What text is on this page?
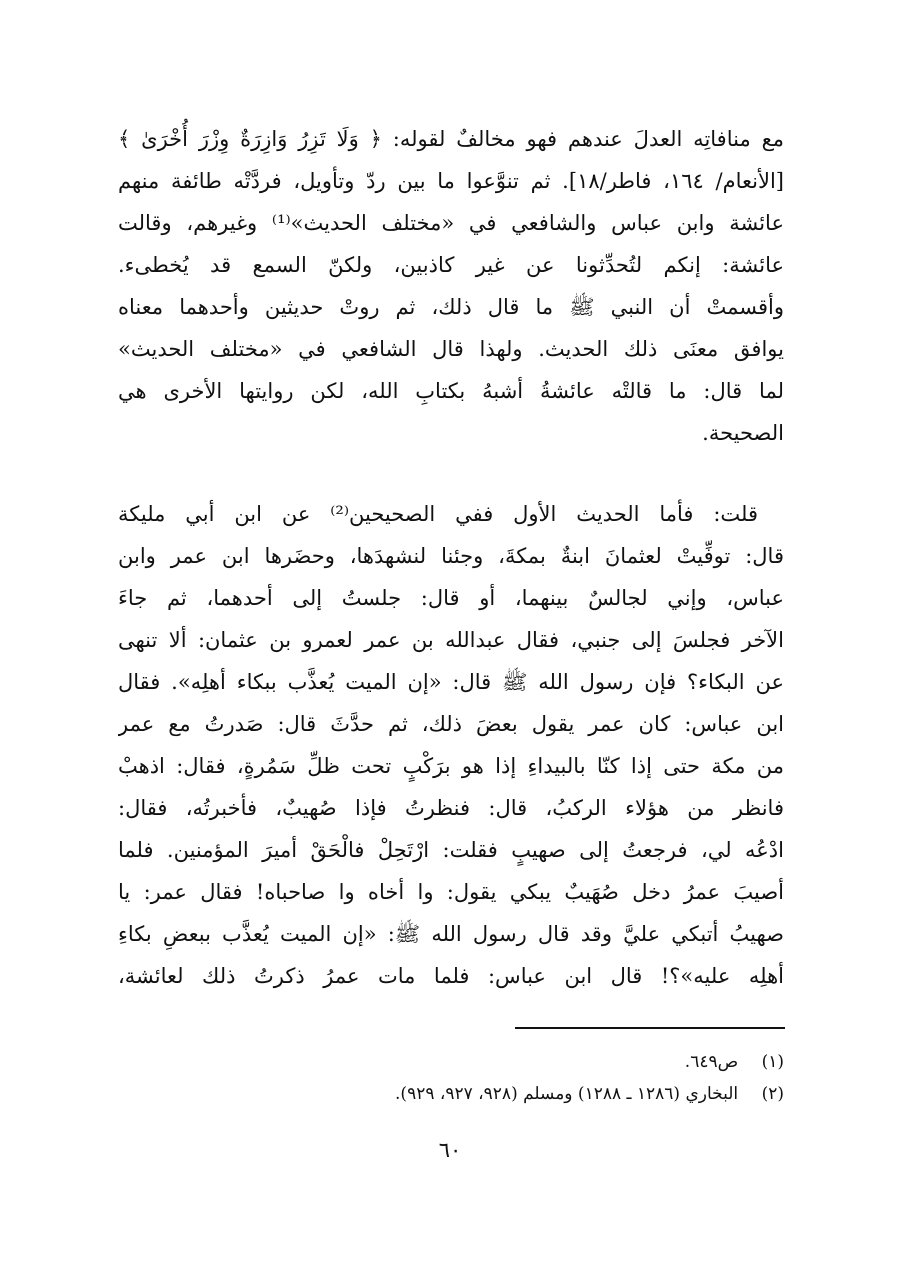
مع منافاتِه العدلَ عندهم فهو مخالفٌ لقوله: ﴿ وَلَا تَزِرُ وَازِرَةٌ وِزْرَ أُخْرَىٰ ﴾
[الأنعام/ ١٦٤، فاطر/١٨]. ثم تنوَّعوا ما بين ردّ وتأويل، فردَّتْه طائفة منهم
عائشة وابن عباس والشافعي في «مختلف الحديث»⁽¹⁾ وغيرهم، وقالت
عائشة: إنكم لتُحدِّثونا عن غير كاذبين، ولكنّ السمع قد يُخطىء.
وأقسمتْ أن النبي ﷺ ما قال ذلك، ثم روتْ حديثين وأحدهما معناه
يوافق معنَى ذلك الحديث. ولهذا قال الشافعي في «مختلف الحديث»
لما قال: ما قالتْه عائشةُ أشبهُ بكتابِ الله، لكن روايتها الأخرى هي
الصحيحة.
قلت: فأما الحديث الأول ففي الصحيحين⁽²⁾ عن ابن أبي مليكة
قال: توفِّيتْ لعثمانَ ابنةٌ بمكةَ، وجئنا لنشهدَها، وحضَرها ابن عمر وابن
عباس، وإني لجالسٌ بينهما، أو قال: جلستُ إلى أحدهما، ثم جاءَ
الآخر فجلسَ إلى جنبي، فقال عبدالله بن عمر لعمرو بن عثمان: ألا تنهى
عن البكاء؟ فإن رسول الله ﷺ قال: «إن الميت يُعذَّب ببكاء أهلِه». فقال
ابن عباس: كان عمر يقول بعضَ ذلك، ثم حدَّثَ قال: صَدرتُ مع عمر
من مكة حتى إذا كنّا بالبيداءِ إذا هو برَكْبٍ تحت ظلِّ سَمُرةٍ، فقال: اذهبْ
فانظر من هؤلاء الركبُ، قال: فنظرتُ فإذا صُهيبٌ، فأخبرتُه، فقال:
ادْعُه لي، فرجعتُ إلى صهيبٍ فقلت: ارْتَحِلْ فالْحَقْ أميرَ المؤمنين. فلما
أصيبَ عمرُ دخل صُهَيبٌ يبكي يقول: وا أخاه وا صاحباه! فقال عمر: يا
صهيبُ أتبكي عليَّ وقد قال رسول الله ﷺ: «إن الميت يُعذَّب ببعضِ بكاءِ
أهلِه عليه»؟! قال ابن عباس: فلما مات عمرُ ذكرتُ ذلك لعائشة،
(١) ص٦٤٩.
(٢) البخاري (١٢٨٦ ـ ١٢٨٨) ومسلم (٩٢٨، ٩٢٧، ٩٢٩).
٦٠
